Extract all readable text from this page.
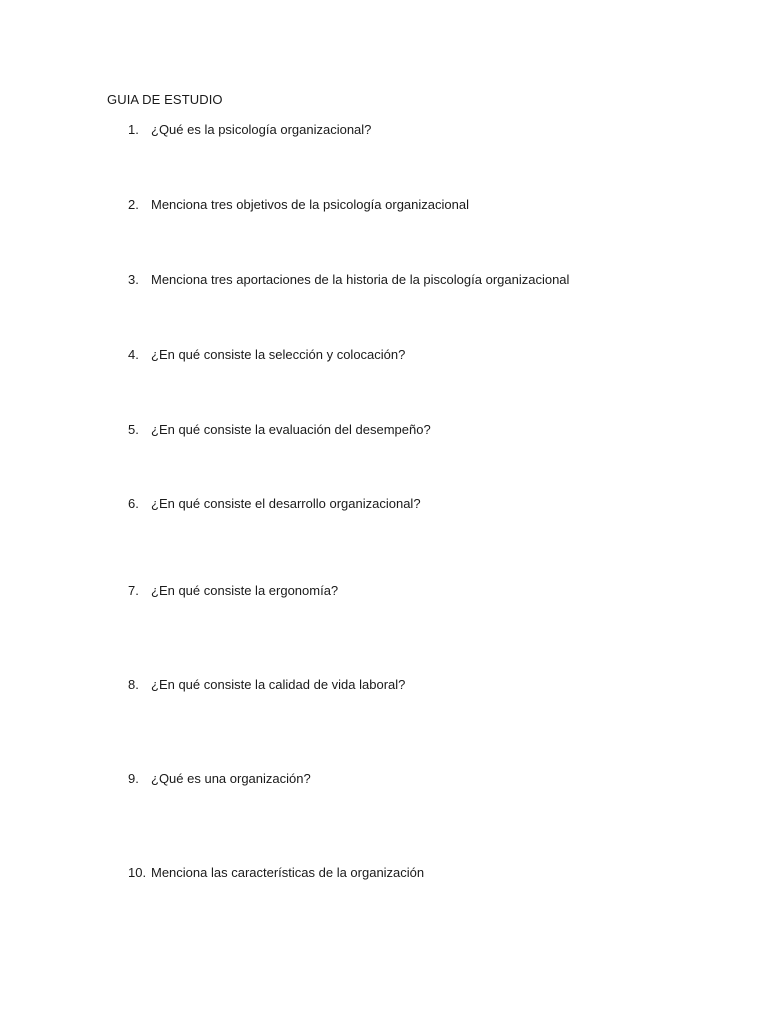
GUIA DE ESTUDIO
1. ¿Qué es la psicología organizacional?
2. Menciona tres objetivos de la psicología organizacional
3. Menciona tres aportaciones de la historia de la piscología organizacional
4. ¿En qué consiste la selección y colocación?
5. ¿En qué consiste la evaluación del desempeño?
6. ¿En qué consiste el desarrollo organizacional?
7. ¿En qué consiste la ergonomía?
8. ¿En qué consiste la calidad de vida laboral?
9. ¿Qué es una organización?
10. Menciona las características de la organización
